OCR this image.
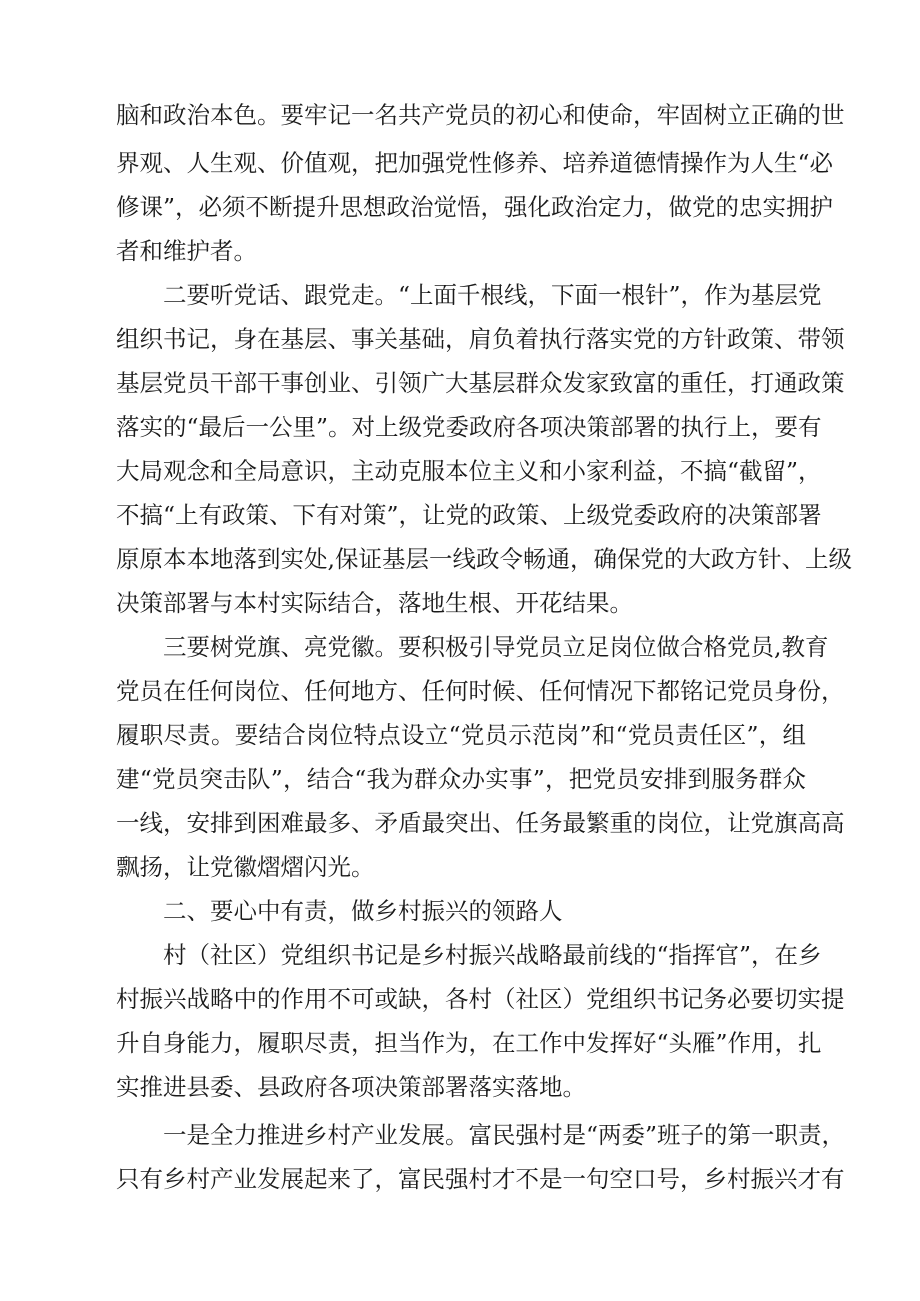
脑和政治本色。要牢记一名共产党员的初心和使命，牢固树立正确的世
界观、人生观、价值观，把加强党性修养、培养道德情操作为人生“必
修课”，必须不断提升思想政治觉悟，强化政治定力，做党的忠实拥护
者和维护者。
二要听党话、跟党走。“上面千根线，下面一根针”，作为基层党
组织书记，身在基层、事关基础，肩负着执行落实党的方针政策、带领
基层党员干部干事创业、引领广大基层群众发家致富的重任，打通政策
落实的“最后一公里”。对上级党委政府各项决策部署的执行上，要有
大局观念和全局意识，主动克服本位主义和小家利益，不搞“截留”，
不搞“上有政策、下有对策”，让党的政策、上级党委政府的决策部署
原原本本地落到实处,保证基层一线政令畅通，确保党的大政方针、上级
决策部署与本村实际结合，落地生根、开花结果。
三要树党旗、亮党徽。要积极引导党员立足岗位做合格党员,教育
党员在任何岗位、任何地方、任何时候、任何情况下都铭记党员身份，
履职尽责。要结合岗位特点设立“党员示范岗”和“党员责任区”，组
建“党员突击队”，结合“我为群众办实事”，把党员安排到服务群众
一线，安排到困难最多、矛盾最突出、任务最繁重的岗位，让党旗高高
飘扬，让党徽熠熠闪光。
二、要心中有责，做乡村振兴的领路人
村（社区）党组织书记是乡村振兴战略最前线的“指挥官”，在乡
村振兴战略中的作用不可或缺，各村（社区）党组织书记务必要切实提
升自身能力，履职尽责，担当作为，在工作中发挥好“头雁”作用，扎
实推进县委、县政府各项决策部署落实落地。
一是全力推进乡村产业发展。富民强村是“两委”班子的第一职责，
只有乡村产业发展起来了，富民强村才不是一句空口号，乡村振兴才有
